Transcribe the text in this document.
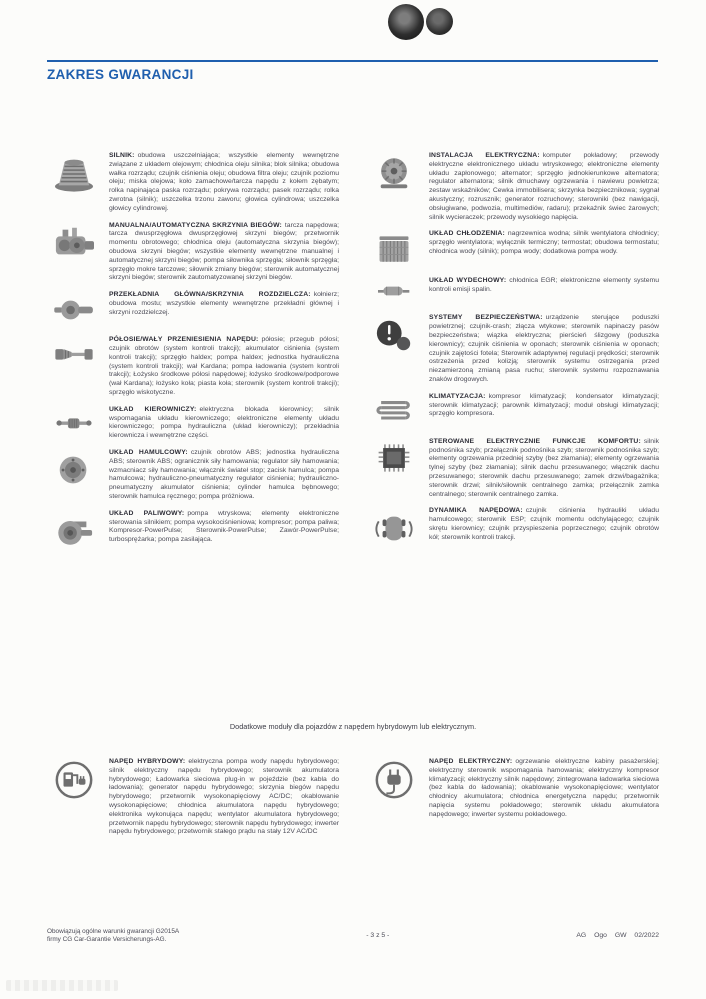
ZAKRES GWARANCJI

SILNIK: obudowa uszczelniająca; wszystkie elementy wewnętrzne związane z układem olejowym; chłodnica oleju silnika; blok silnika; obudowa wałka rozrządu; czujnik ciśnienia oleju; obudowa filtra oleju; czujnik poziomu oleju; miska olejowa; koło zamachowe/tarcza napędu z kołem zębatym; rolka napinająca paska rozrządu; pokrywa rozrządu; pasek rozrządu; rolka zwrotna (silnik); uszczelka trzonu zaworu; głowica cylindrowa; uszczelka głowicy cylindrowej.

MANUALNA/AUTOMATYCZNA SKRZYNIA BIEGÓW: tarcza napędowa; tarcza dwusprzęgłowa dwusprzęgłowej skrzyni biegów; przetwornik momentu obrotowego; chłodnica oleju (automatyczna skrzynia biegów); obudowa skrzyni biegów; wszystkie elementy wewnętrzne manualnej i automatycznej skrzyni biegów; pompa siłownika sprzęgła; siłownik sprzęgła; sprzęgło mokre tarczowe; siłownik zmiany biegów; sterownik automatycznej skrzyni biegów; sterownik zautomatyzowanej skrzyni biegów.

PRZEKŁADNIA GŁÓWNA/SKRZYNIA ROZDZIELCZA: kołnierz; obudowa mostu; wszystkie elementy wewnętrzne przekładni głównej i skrzyni rozdzielczej.

PÓŁOSIE/WAŁY PRZENIESIENIA NAPĘDU: półosie; przegub pólosi; czujnik obrotów (system kontroli trakcji); akumulator ciśnienia (system kontroli trakcji); sprzęgło haldex; pompa haldex; jednostka hydrauliczna (system kontroli trakcji); wał Kardana; pompa ładowania (system kontroli trakcji); Łożysko środkowe pólosi napędowej; łożysko środkowe/podporowe (wał Kardana); łożysko koła; piasta koła; sterownik (system kontroli trakcji); sprzęgło wiskotyczne.

UKŁAD KIEROWNICZY: elektryczna blokada kierownicy; silnik wspomagania układu kierowniczego; elektroniczne elementy układu kierowniczego; pompa hydrauliczna (układ kierowniczy); przekładnia kierownicza i wewnętrzne części.

UKŁAD HAMULCOWY: czujnik obrotów ABS; jednostka hydrauliczna ABS; sterownik ABS; ogranicznik siły hamowania; regulator siły hamowania; wzmacniacz siły hamowania; włącznik świateł stop; zacisk hamulca; pompa hamulcowa; hydrauliczno-pneumatyczny regulator ciśnienia; hydrauliczno-pneumatyczny akumulator ciśnienia; cylinder hamulca bębnowego; sterownik hamulca ręcznego; pompa próżniowa.

UKŁAD PALIWOWY: pompa wtryskowa; elementy elektroniczne sterowania silnikiem; pompa wysokociśnieniowa; kompresor; pompa paliwa; Kompresor-PowerPulse; Sterownik-PowerPulse; Zawór-PowerPulse; turbosprężarka; pompa zasilająca.

INSTALACJA ELEKTRYCZNA: komputer pokładowy; przewody elektryczne elektronicznego układu wtryskowego; elektroniczne elementy układu zapłonowego; alternator; sprzęgło jednokierunkowe alternatora; regulator alternatora; silnik dmuchawy ogrzewania i nawiewu powietrza; zestaw wskaźników; Cewka immobilisera; skrzynka bezpiecznikowa; sygnał akustyczny; rozrusznik; generator rozruchowy; sterowniki (bez nawigacji, obsługiwane, podwozia, multimediów, radaru); przekaźnik świec żarowych; silnik wycieraczek; przewody wysokiego napięcia.

UKŁAD CHŁODZENIA: nagrzewnica wodna; silnik wentylatora chłodnicy; sprzęgło wentylatora; wyłącznik termiczny; termostat; obudowa termostatu; chłodnica wody (silnik); pompa wody; dodatkowa pompa wody.

UKŁAD WYDECHOWY: chłodnica EGR; elektroniczne elementy systemu kontroli emisji spalin.

SYSTEMY BEZPIECZEŃSTWA: urządzenie sterujące poduszki powietrznej; czujnik-crash; złącza wtykowe; sterownik napinaczy pasów bezpieczeństwa; wiązka elektryczna; pierścień ślizgowy (poduszka kierownicy); czujnik ciśnienia w oponach; sterownik ciśnienia w oponach; czujnik zajętości fotela; Sterownik adaptywnej regulacji prędkości; sterownik ostrzeżenia przed kolizją; sterownik systemu ostrzegania przed niezamierzoną zmianą pasa ruchu; sterownik systemu rozpoznawania znaków drogowych.

KLIMATYZACJA: kompresor klimatyzacji; kondensator klimatyzacji; sterownik klimatyzacji; parownik klimatyzacji; moduł obsługi klimatyzacji; sprzęgło kompresora.

STEROWANE ELEKTRYCZNIE FUNKCJE KOMFORTU: silnik podnośnika szyb; przełącznik podnośnika szyb; sterownik podnośnika szyb; elementy ogrzewania przedniej szyby (bez złamania); elementy ogrzewania tylnej szyby (bez złamania); silnik dachu przesuwanego; włącznik dachu przesuwanego; sterownik dachu przesuwanego; zamek drzwi/bagażnika; sterownik drzwi; silnik/siłownik centralnego zamka; przełącznik zamka centralnego; sterownik centralnego zamka.

DYNAMIKA NAPĘDOWA: czujnik ciśnienia hydrauliki układu hamulcowego; sterownik ESP; czujnik momentu odchylającego; czujnik skrętu kierownicy; czujnik przyspieszenia poprzecznego; czujnik obrotów kół; sterownik kontroli trakcji.

Dodatkowe moduły dla pojazdów z napędem hybrydowym lub elektrycznym.

NAPĘD HYBRYDOWY: elektryczna pompa wody napędu hybrydowego; silnik elektryczny napędu hybrydowego; sterownik akumulatora hybrydowego; Ładowarka sieciowa plug-in w pojeździe (bez kabla do ładowania); generator napędu hybrydowego; skrzynia biegów napędu hybrydowego; przetwornik wysokonapięciowy AC/DC; okablowanie wysokonapięciowe; chłodnica akumulatora napędu hybrydowego; elektronika wykonująca napędu; wentylator akumulatora hybrydowego; przetwornik napędu hybrydowego; sterownik napędu hybrydowego; inwerter napędu hybrydowego; przetwornik stałego prądu na stały 12V AC/DC

NAPĘD ELEKTRYCZNY: ogrzewanie elektryczne kabiny pasażerskiej; elektryczny sterownik wspomagania hamowania; elektryczny kompresor klimatyzacji; elektryczny silnik napędowy; zintegrowana ładowarka sieciowa (bez kabla do ładowania); okablowanie wysokonapięciowe; wentylator chłodnicy akumulatora; chłodnica energetyczna napędu; przetwornik napięcia systemu pokładowego; sterownik układu akumulatora napędowego; inwerter systemu pokładowego.

Obowiązują ogólne warunki gwarancji G2015A
firmy CG Car-Garantie Versicherungs-AG.
- 3 z 5 -	AG Ogo GW 02/2022
